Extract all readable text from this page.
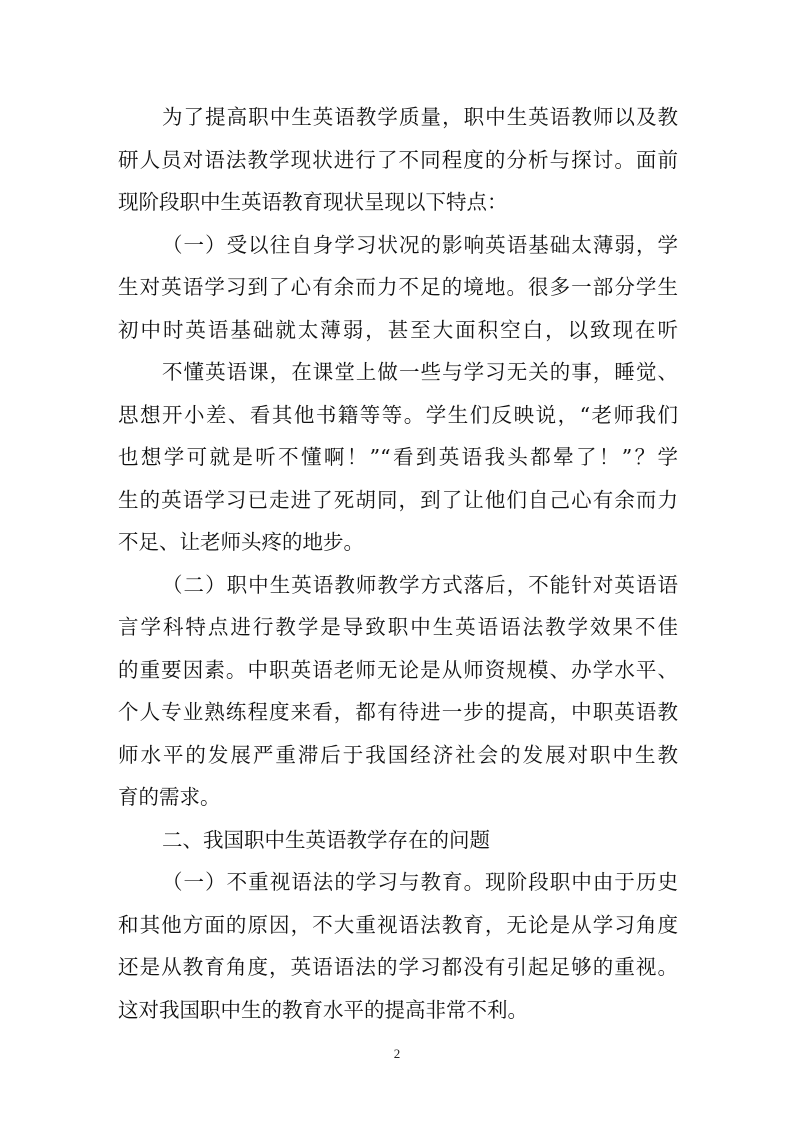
为了提高职中生英语教学质量，职中生英语教师以及教
研人员对语法教学现状进行了不同程度的分析与探讨。面前
现阶段职中生英语教育现状呈现以下特点：
（一）受以往自身学习状况的影响英语基础太薄弱，学
生对英语学习到了心有余而力不足的境地。很多一部分学生
初中时英语基础就太薄弱，甚至大面积空白，以致现在听
不懂英语课，在课堂上做一些与学习无关的事，睡觉、
思想开小差、看其他书籍等等。学生们反映说，“老师我们
也想学可就是听不懂啊！”“看到英语我头都晕了！”？学
生的英语学习已走进了死胡同，到了让他们自己心有余而力
不足、让老师头疼的地步。
（二）职中生英语教师教学方式落后，不能针对英语语
言学科特点进行教学是导致职中生英语语法教学效果不佳
的重要因素。中职英语老师无论是从师资规模、办学水平、
个人专业熟练程度来看，都有待进一步的提高，中职英语教
师水平的发展严重滞后于我国经济社会的发展对职中生教
育的需求。
二、我国职中生英语教学存在的问题
（一）不重视语法的学习与教育。现阶段职中由于历史
和其他方面的原因，不大重视语法教育，无论是从学习角度
还是从教育角度，英语语法的学习都没有引起足够的重视。
这对我国职中生的教育水平的提高非常不利。
2
